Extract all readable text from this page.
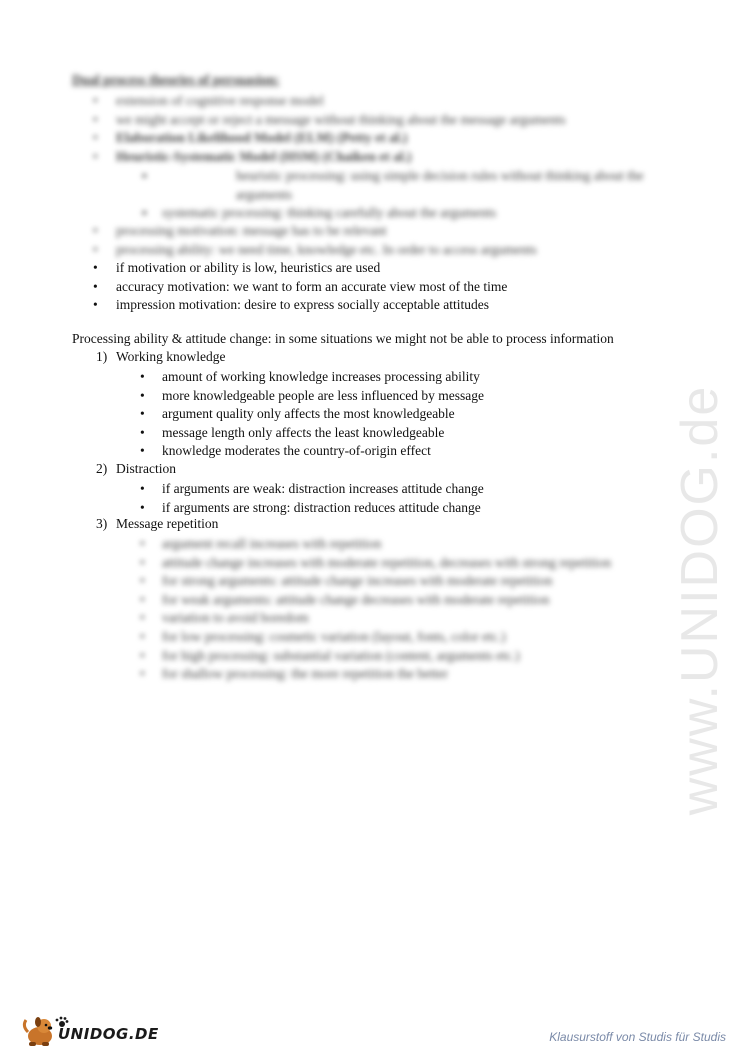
www.UNIDOG.de
Dual process theories of persuasion:
• extension of cognitive response model
• we might accept or reject a message without thinking about the message arguments
• Elaboration Likelihood Model (ELM) (Petty et al.)
• Heuristic-Systematic Model (HSM) (Chaiken et al.)
▪	heuristic processing: using simple decision rules without thinking about the arguments
▪ systematic processing: thinking carefully about the arguments
• processing motivation: message has to be relevant
• processing ability: we need time, knowledge etc. In order to access arguments
• if motivation or ability is low, heuristics are used
• accuracy motivation: we want to form an accurate view most of the time
• impression motivation: desire to express socially acceptable attitudes
Processing ability & attitude change: in some situations we might not be able to process information
1) Working knowledge
• amount of working knowledge increases processing ability
• more knowledgeable people are less influenced by message
• argument quality only affects the most knowledgeable
• message length only affects the least knowledgeable
• knowledge moderates the country-of-origin effect
2) Distraction
• if arguments are weak: distraction increases attitude change
• if arguments are strong: distraction reduces attitude change
3) Message repetition
• argument recall increases with repetition
• attitude change increases with moderate repetition, decreases with strong repetition
• for strong arguments: attitude change increases with moderate repetition
• for weak arguments: attitude change decreases with moderate repetition
• variation to avoid boredom
• for low processing: cosmetic variation (layout, fonts, color etc.)
• for high processing: substantial variation (content, arguments etc.)
• for shallow processing: the more repetition the better
UNIDOG.DE	Klausurstoff von Studis für Studis
